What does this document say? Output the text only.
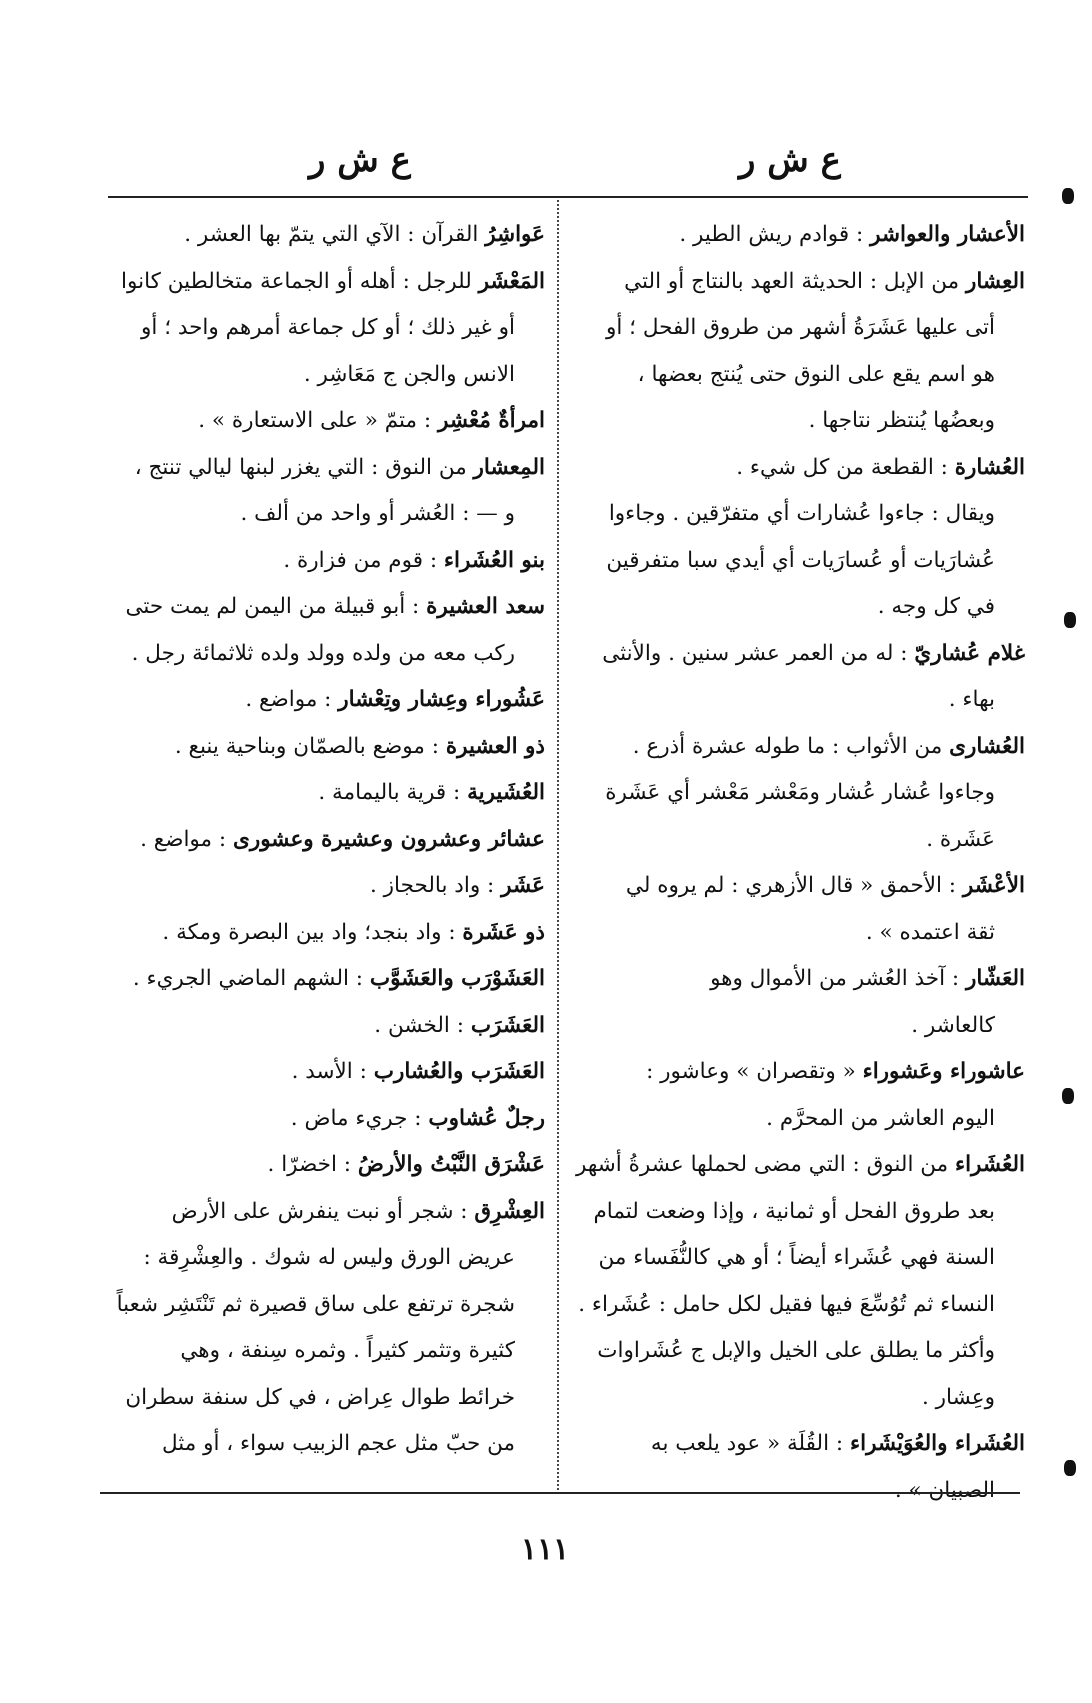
ع ش ر
ع ش ر
الأعشار والعواشر : قوادم ريش الطير .
العِشار من الإبل : الحديثة العهد بالنتاج أو التي
أتى عليها عَشَرَةُ أشهر من طروق الفحل ؛ أو
هو اسم يقع على النوق حتى يُنتج بعضها ،
وبعضُها يُنتظر نتاجها .
العُشارة : القطعة من كل شيء .
ويقال : جاءوا عُشارات أي متفرّقين . وجاءوا
عُشارَيات أو عُسارَيات أي أيدي سبا متفرقين
في كل وجه .
غلام عُشاريّ : له من العمر عشر سنين . والأنثى
بهاء .
العُشارى من الأثواب : ما طوله عشرة أذرع .
وجاءوا عُشار عُشار ومَعْشر مَعْشر أي عَشَرة
عَشَرة .
الأعْشَر : الأحمق « قال الأزهري : لم يروه لي
ثقة اعتمده » .
العَشّار : آخذ العُشر من الأموال وهو
كالعاشر .
عاشوراء وعَشوراء « وتقصران » وعاشور :
اليوم العاشر من المحرَّم .
العُشَراء من النوق : التي مضى لحملها عشرةُ أشهر
بعد طروق الفحل أو ثمانية ، وإذا وضعت لتمام
السنة فهي عُشَراء أيضاً ؛ أو هي كالنُّفَساء من
النساء ثم تُوُسِّعَ فيها فقيل لكل حامل : عُشَراء .
وأكثر ما يطلق على الخيل والإبل ج عُشَراوات
وعِشار .
العُشَراء والعُوَيْشَراء : القُلَة « عود يلعب به
الصبيان » .
عَواشِرُ القرآن : الآي التي يتمّ بها العشر .
المَعْشَر للرجل : أهله أو الجماعة متخالطين كانوا
أو غير ذلك ؛ أو كل جماعة أمرهم واحد ؛ أو
الانس والجن ج مَعَاشِر .
امرأةٌ مُعْشِر : متمّ « على الاستعارة » .
المِعشار من النوق : التي يغزر لبنها ليالي تنتج ،
و — : العُشر أو واحد من ألف .
بنو العُشَراء : قوم من فزارة .
سعد العشيرة : أبو قبيلة من اليمن لم يمت حتى
ركب معه من ولده وولد ولده ثلاثمائة رجل .
عَشُوراء وعِشار وتِعْشار : مواضع .
ذو العشيرة : موضع بالصمّان وبناحية ينبع .
العُشَيرية : قرية باليمامة .
عشائر وعشرون وعشيرة وعشورى : مواضع .
عَشَر : واد بالحجاز .
ذو عَشَرة : واد بنجد؛ واد بين البصرة ومكة .
العَشَوْرَب والعَشَوَّب : الشهم الماضي الجريء .
العَشَرَب : الخشن .
العَشَرَب والعُشارب : الأسد .
رجلٌ عُشاوب : جريء ماض .
عَشْرَق النَّبْتُ والأرضُ : اخضرّا .
العِشْرِق : شجر أو نبت ينفرش على الأرض
عريض الورق وليس له شوك . والعِشْرِقة :
شجرة ترتفع على ساق قصيرة ثم تَنْتَشِر شعباً
كثيرة وتثمر كثيراً . وثمره سِنفة ، وهي
خرائط طوال عِراض ، في كل سنفة سطران
من حبّ مثل عجم الزبيب سواء ، أو مثل
١١١
